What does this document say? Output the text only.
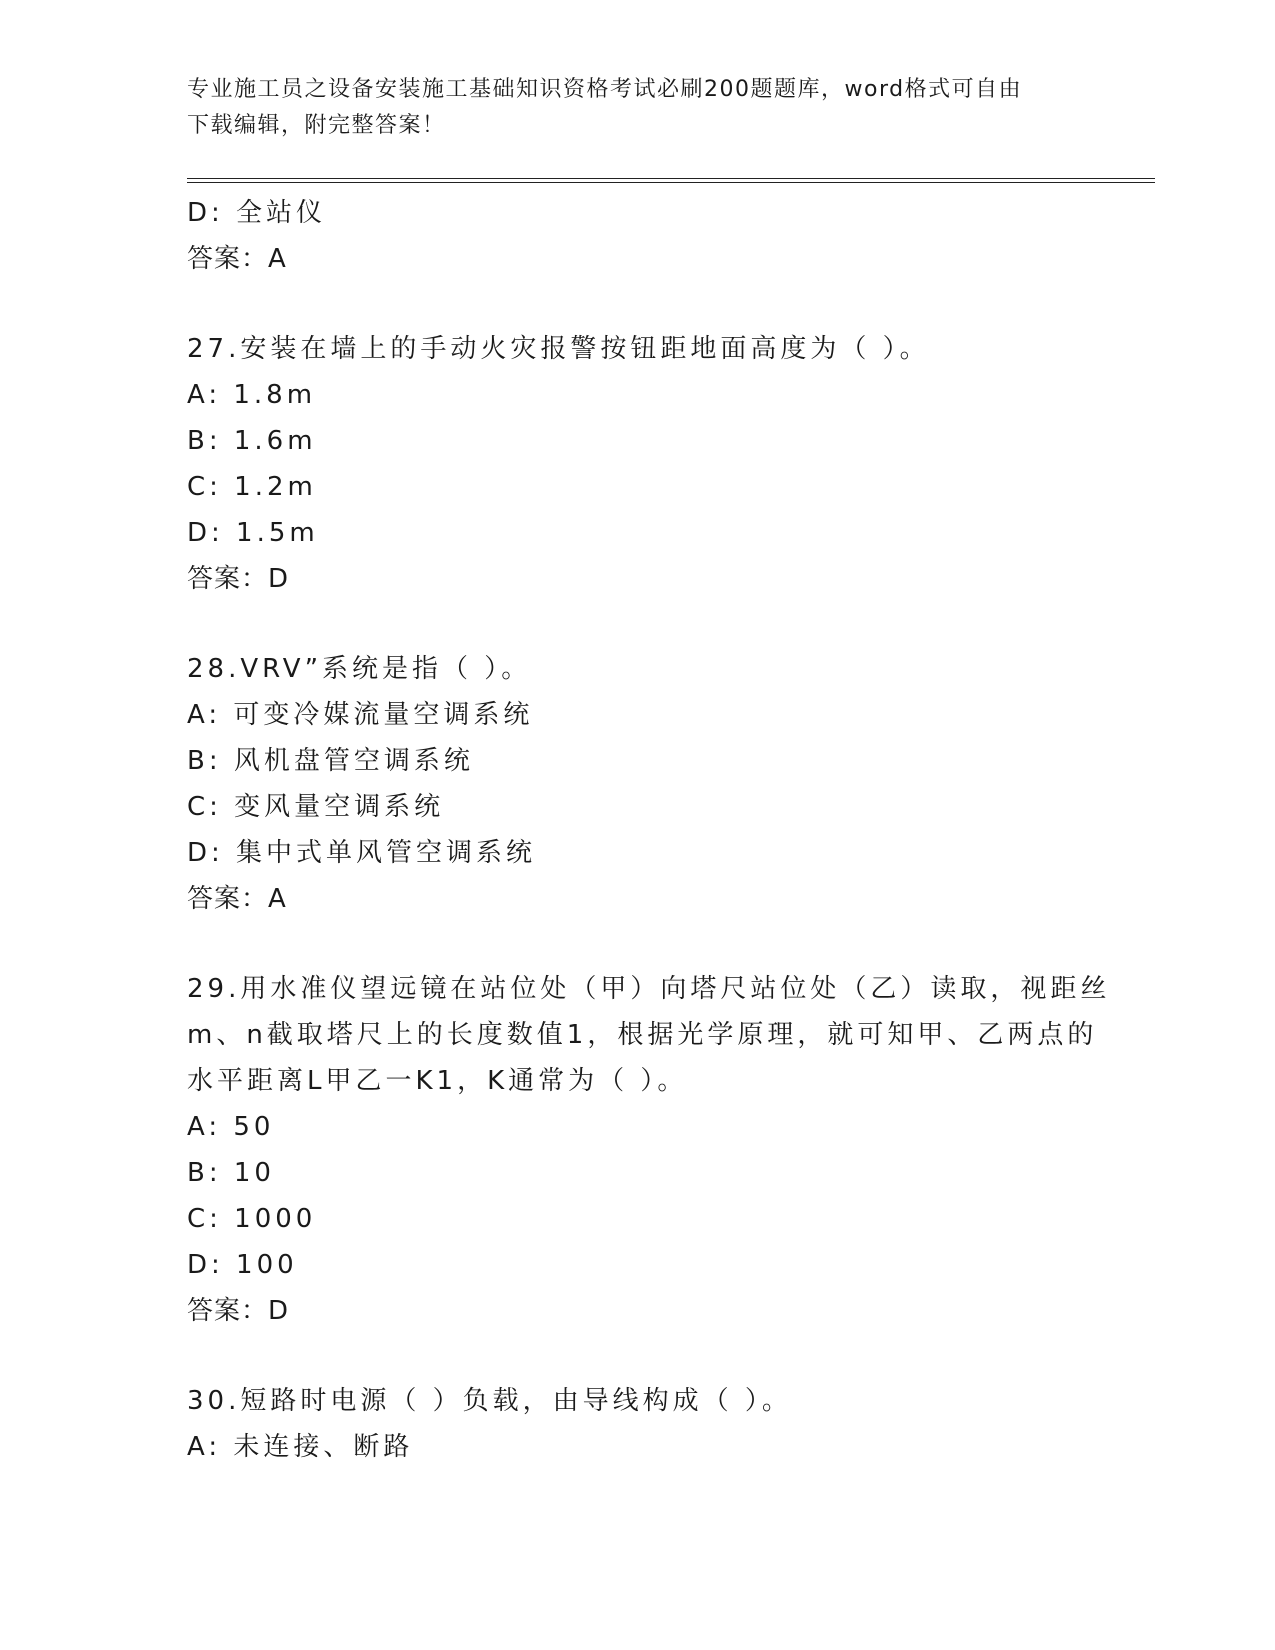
专业施工员之设备安装施工基础知识资格考试必刷200题题库，word格式可自由
下载编辑，附完整答案！
D: 全站仪
答案：A
27.安装在墙上的手动火灾报警按钮距地面高度为（ ）。
A: 1.8m
B: 1.6m
C: 1.2m
D: 1.5m
答案：D
28.VRV”系统是指（ ）。
A: 可变冷媒流量空调系统
B: 风机盘管空调系统
C: 变风量空调系统
D: 集中式单风管空调系统
答案：A
29.用水准仪望远镜在站位处（甲）向塔尺站位处（乙）读取，视距丝
m、n截取塔尺上的长度数值1，根据光学原理，就可知甲、乙两点的
水平距离L甲乙一K1，K通常为（ ）。
A: 50
B: 10
C: 1000
D: 100
答案：D
30.短路时电源（ ）负载，由导线构成（ ）。
A: 未连接、断路
